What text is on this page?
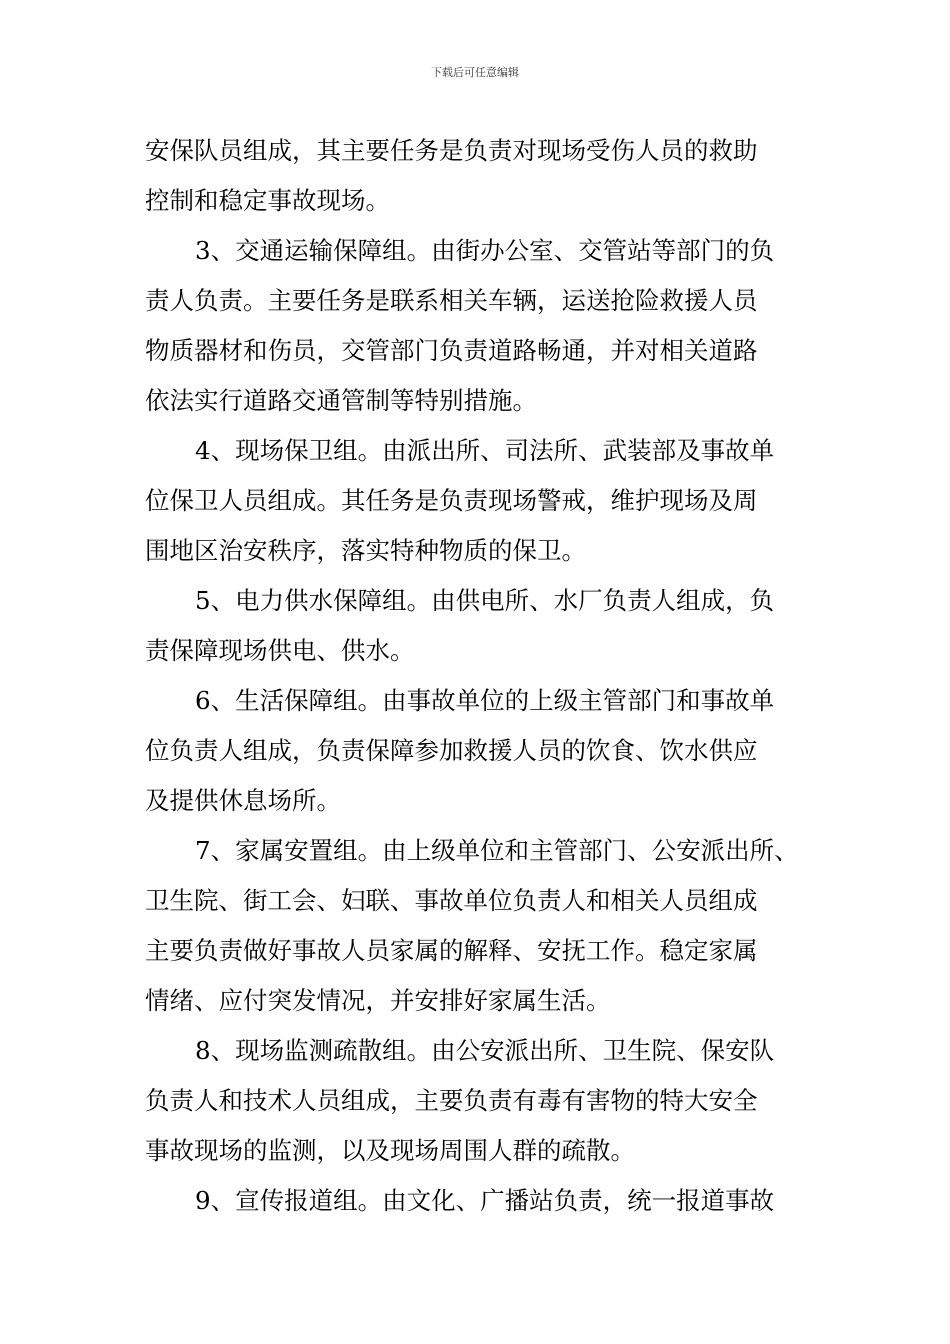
下载后可任意编辑
安保队员组成，其主要任务是负责对现场受伤人员的救助
控制和稳定事故现场。
3、交通运输保障组。由街办公室、交管站等部门的负
责人负责。主要任务是联系相关车辆，运送抢险救援人员
物质器材和伤员，交管部门负责道路畅通，并对相关道路
依法实行道路交通管制等特别措施。
4、现场保卫组。由派出所、司法所、武装部及事故单
位保卫人员组成。其任务是负责现场警戒，维护现场及周
围地区治安秩序，落实特种物质的保卫。
5、电力供水保障组。由供电所、水厂负责人组成，负
责保障现场供电、供水。
6、生活保障组。由事故单位的上级主管部门和事故单
位负责人组成，负责保障参加救援人员的饮食、饮水供应
及提供休息场所。
7、家属安置组。由上级单位和主管部门、公安派出所、
卫生院、街工会、妇联、事故单位负责人和相关人员组成
主要负责做好事故人员家属的解释、安抚工作。稳定家属
情绪、应付突发情况，并安排好家属生活。
8、现场监测疏散组。由公安派出所、卫生院、保安队
负责人和技术人员组成，主要负责有毒有害物的特大安全
事故现场的监测，以及现场周围人群的疏散。
9、宣传报道组。由文化、广播站负责，统一报道事故
